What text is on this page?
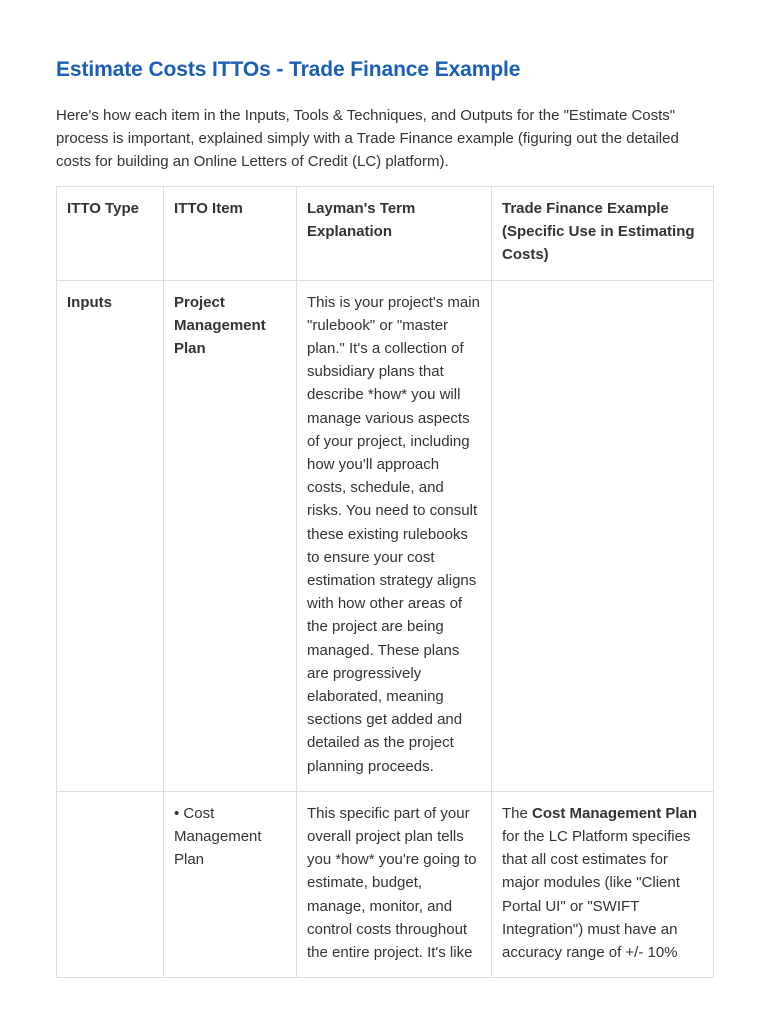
Estimate Costs ITTOs - Trade Finance Example

Here's how each item in the Inputs, Tools & Techniques, and Outputs for the "Estimate Costs" process is important, explained simply with a Trade Finance example (figuring out the detailed costs for building an Online Letters of Credit (LC) platform).

ITTO Type	ITTO Item	Layman's Term Explanation	Trade Finance Example (Specific Use in Estimating Costs)
Inputs	Project Management Plan	This is your project's main "rulebook" or "master plan." It's a collection of subsidiary plans that describe *how* you will manage various aspects of your project, including how you'll approach costs, schedule, and risks. You need to consult these existing rulebooks to ensure your cost estimation strategy aligns with how other areas of the project are being managed. These plans are progressively elaborated, meaning sections get added and detailed as the project planning proceeds.	
	• Cost Management Plan	This specific part of your overall project plan tells you *how* you're going to estimate, budget, manage, monitor, and control costs throughout the entire project. It's like	The Cost Management Plan for the LC Platform specifies that all cost estimates for major modules (like "Client Portal UI" or "SWIFT Integration") must have an accuracy range of +/- 10%
